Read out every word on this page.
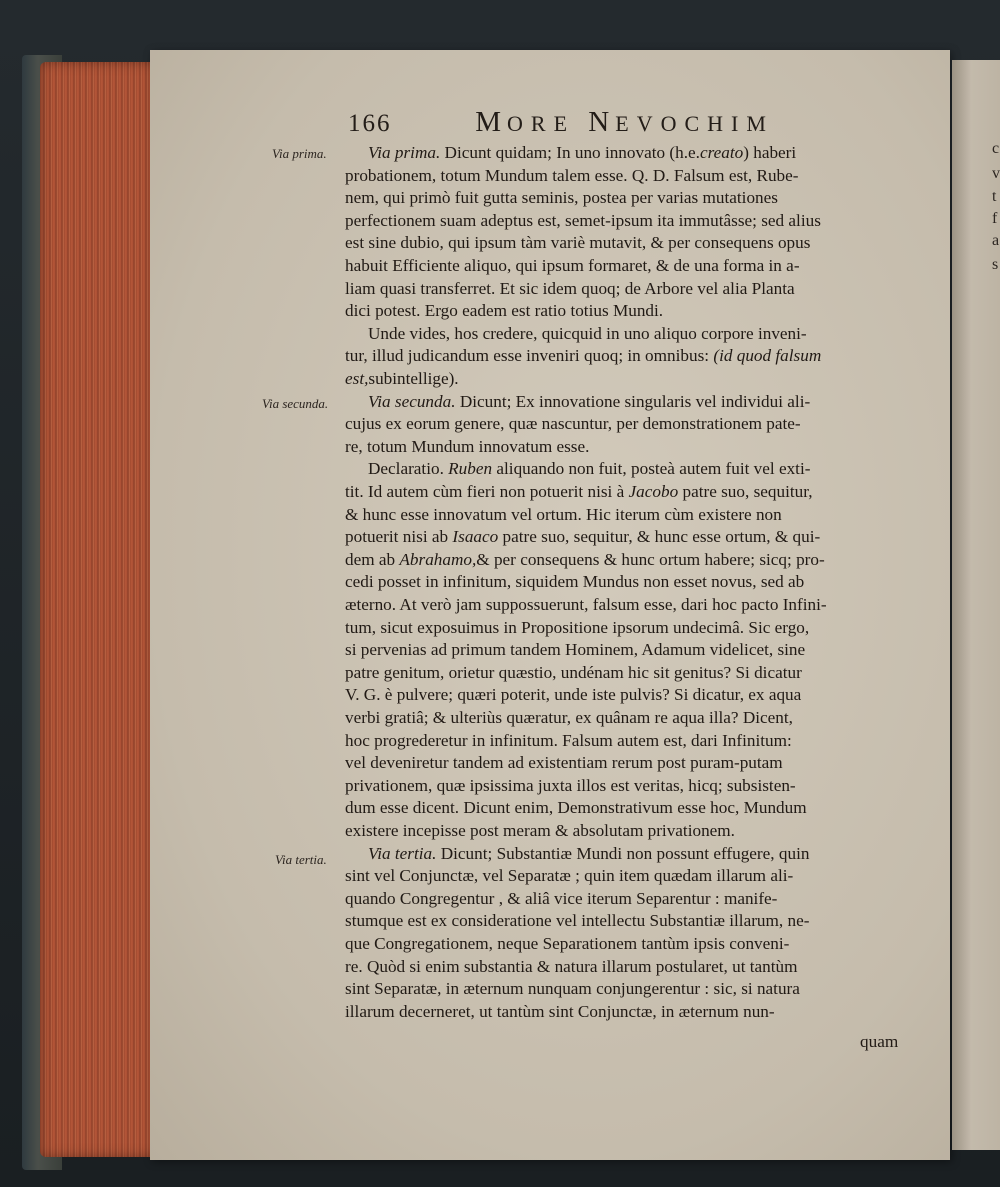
166	MORE NEVOCHIM
Via prima.
Via secunda.
Via tertia.
Via prima. Dicunt quidam; In uno innovato (h.e.creato) haberi
probationem, totum Mundum talem esse. Q. D. Falsum est, Rube-
nem, qui primò fuit gutta seminis, postea per varias mutationes
perfectionem suam adeptus est, semet-ipsum ita immutâsse; sed alius
est sine dubio, qui ipsum tàm variè mutavit, & per consequens opus
habuit Efficiente aliquo, qui ipsum formaret, & de una forma in a-
liam quasi transferret. Et sic idem quoq; de Arbore vel alia Planta
dici potest. Ergo eadem est ratio totius Mundi.
Unde vides, hos credere, quicquid in uno aliquo corpore inveni-
tur, illud judicandum esse inveniri quoq; in omnibus: (id quod falsum
est,subintellige).
Via secunda. Dicunt; Ex innovatione singularis vel individui ali-
cujus ex eorum genere, quæ nascuntur, per demonstrationem pate-
re, totum Mundum innovatum esse.
Declaratio. Ruben aliquando non fuit, posteà autem fuit vel exti-
tit. Id autem cùm fieri non potuerit nisi à Jacobo patre suo, sequitur,
& hunc esse innovatum vel ortum. Hic iterum cùm existere non
potuerit nisi ab Isaaco patre suo, sequitur, & hunc esse ortum, & qui-
dem ab Abrahamo,& per consequens & hunc ortum habere; sicq; pro-
cedi posset in infinitum, siquidem Mundus non esset novus, sed ab
æterno. At verò jam suppossuerunt, falsum esse, dari hoc pacto Infini-
tum, sicut exposuimus in Propositione ipsorum undecimâ. Sic ergo,
si pervenias ad primum tandem Hominem, Adamum videlicet, sine
patre genitum, orietur quæstio, undénam hic sit genitus? Si dicatur
V. G. è pulvere; quæri poterit, unde iste pulvis? Si dicatur, ex aqua
verbi gratiâ; & ulteriùs quæratur, ex quânam re aqua illa? Dicent,
hoc progrederetur in infinitum. Falsum autem est, dari Infinitum:
vel deveniretur tandem ad existentiam rerum post puram-putam
privationem, quæ ipsissima juxta illos est veritas, hicq; subsisten-
dum esse dicent. Dicunt enim, Demonstrativum esse hoc, Mundum
existere incepisse post meram & absolutam privationem.
Via tertia. Dicunt; Substantiæ Mundi non possunt effugere, quin
sint vel Conjunctæ, vel Separatæ ; quin item quædam illarum ali-
quando Congregentur , & aliâ vice iterum Separentur : manife-
stumque est ex consideratione vel intellectu Substantiæ illarum, ne-
que Congregationem, neque Separationem tantùm ipsis conveni-
re. Quòd si enim substantia & natura illarum postularet, ut tantùm
sint Separatæ, in æternum nunquam conjungerentur : sic, si natura
illarum decerneret, ut tantùm sint Conjunctæ, in æternum nun-
quam
c
v
t
f
a
s
